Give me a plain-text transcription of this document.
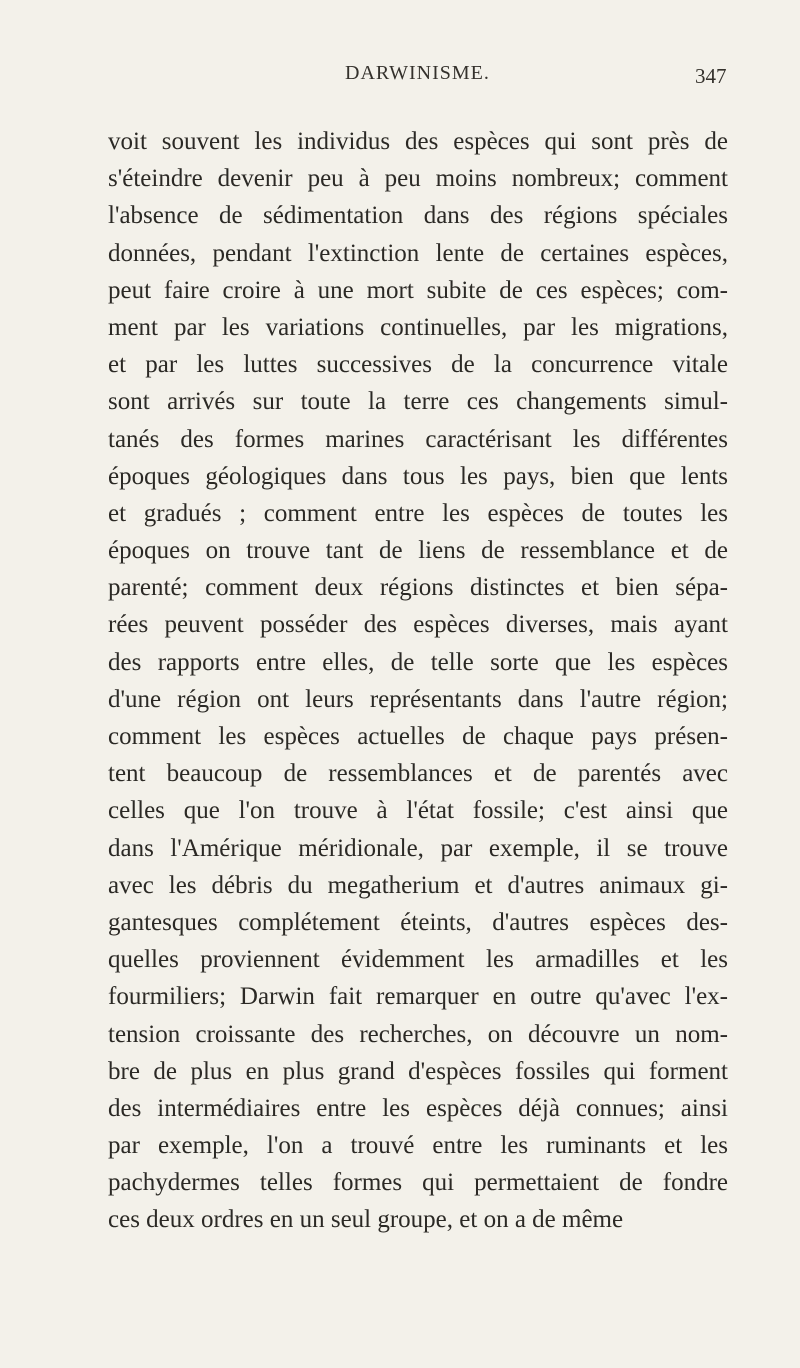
DARWINISME.	347
voit souvent les individus des espèces qui sont près de
s'éteindre devenir peu à peu moins nombreux; comment
l'absence de sédimentation dans des régions spéciales
données, pendant l'extinction lente de certaines espèces,
peut faire croire à une mort subite de ces espèces; com-
ment par les variations continuelles, par les migrations,
et par les luttes successives de la concurrence vitale
sont arrivés sur toute la terre ces changements simul-
tanés des formes marines caractérisant les différentes
époques géologiques dans tous les pays, bien que lents
et gradués ; comment entre les espèces de toutes les
époques on trouve tant de liens de ressemblance et de
parenté; comment deux régions distinctes et bien sépa-
rées peuvent posséder des espèces diverses, mais ayant
des rapports entre elles, de telle sorte que les espèces
d'une région ont leurs représentants dans l'autre région;
comment les espèces actuelles de chaque pays présen-
tent beaucoup de ressemblances et de parentés avec
celles que l'on trouve à l'état fossile; c'est ainsi que
dans l'Amérique méridionale, par exemple, il se trouve
avec les débris du megatherium et d'autres animaux gi-
gantesques complétement éteints, d'autres espèces des-
quelles proviennent évidemment les armadilles et les
fourmiliers; Darwin fait remarquer en outre qu'avec l'ex-
tension croissante des recherches, on découvre un nom-
bre de plus en plus grand d'espèces fossiles qui forment
des intermédiaires entre les espèces déjà connues; ainsi
par exemple, l'on a trouvé entre les ruminants et les
pachydermes telles formes qui permettaient de fondre
ces deux ordres en un seul groupe, et on a de même
